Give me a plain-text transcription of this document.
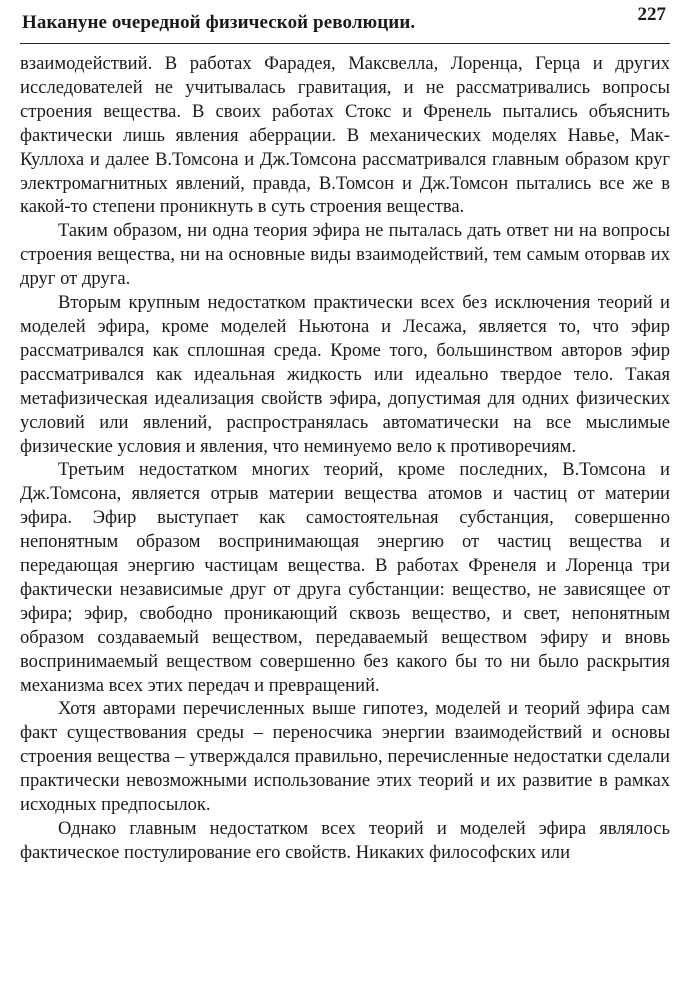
Накануне очередной физической революции.	227

взаимодействий. В работах Фарадея, Максвелла, Лоренца, Герца и других исследователей не учитывалась гравитация, и не рассматривались вопросы строения вещества. В своих работах Стокс и Френель пытались объяснить фактически лишь явления аберрации. В механических моделях Навье, Мак-Куллоха и далее В.Томсона и Дж.Томсона рассматривался главным образом круг электромагнитных явлений, правда, В.Томсон и Дж.Томсон пытались все же в какой-то степени проникнуть в суть строения вещества.

Таким образом, ни одна теория эфира не пыталась дать ответ ни на вопросы строения вещества, ни на основные виды взаимодействий, тем самым оторвав их друг от друга.

Вторым крупным недостатком практически всех без исключения теорий и моделей эфира, кроме моделей Ньютона и Лесажа, является то, что эфир рассматривался как сплошная среда. Кроме того, большинством авторов эфир рассматривался как идеальная жидкость или идеально твердое тело. Такая метафизическая идеализация свойств эфира, допустимая для одних физических условий или явлений, распространялась автоматически на все мыслимые физические условия и явления, что неминуемо вело к противоречиям.

Третьим недостатком многих теорий, кроме последних, В.Томсона и Дж.Томсона, является отрыв материи вещества атомов и частиц от материи эфира. Эфир выступает как самостоятельная субстанция, совершенно непонятным образом воспринимающая энергию от частиц вещества и передающая энергию частицам вещества. В работах Френеля и Лоренца три фактически независимые друг от друга субстанции: вещество, не зависящее от эфира; эфир, свободно проникающий сквозь вещество, и свет, непонятным образом создаваемый веществом, передаваемый веществом эфиру и вновь воспринимаемый веществом совершенно без какого бы то ни было раскрытия механизма всех этих передач и превращений.

Хотя авторами перечисленных выше гипотез, моделей и теорий эфира сам факт существования среды – переносчика энергии взаимодействий и основы строения вещества – утверждался правильно, перечисленные недостатки сделали практически невозможными использование этих теорий и их развитие в рамках исходных предпосылок.

Однако главным недостатком всех теорий и моделей эфира являлось фактическое постулирование его свойств. Никаких философских или
